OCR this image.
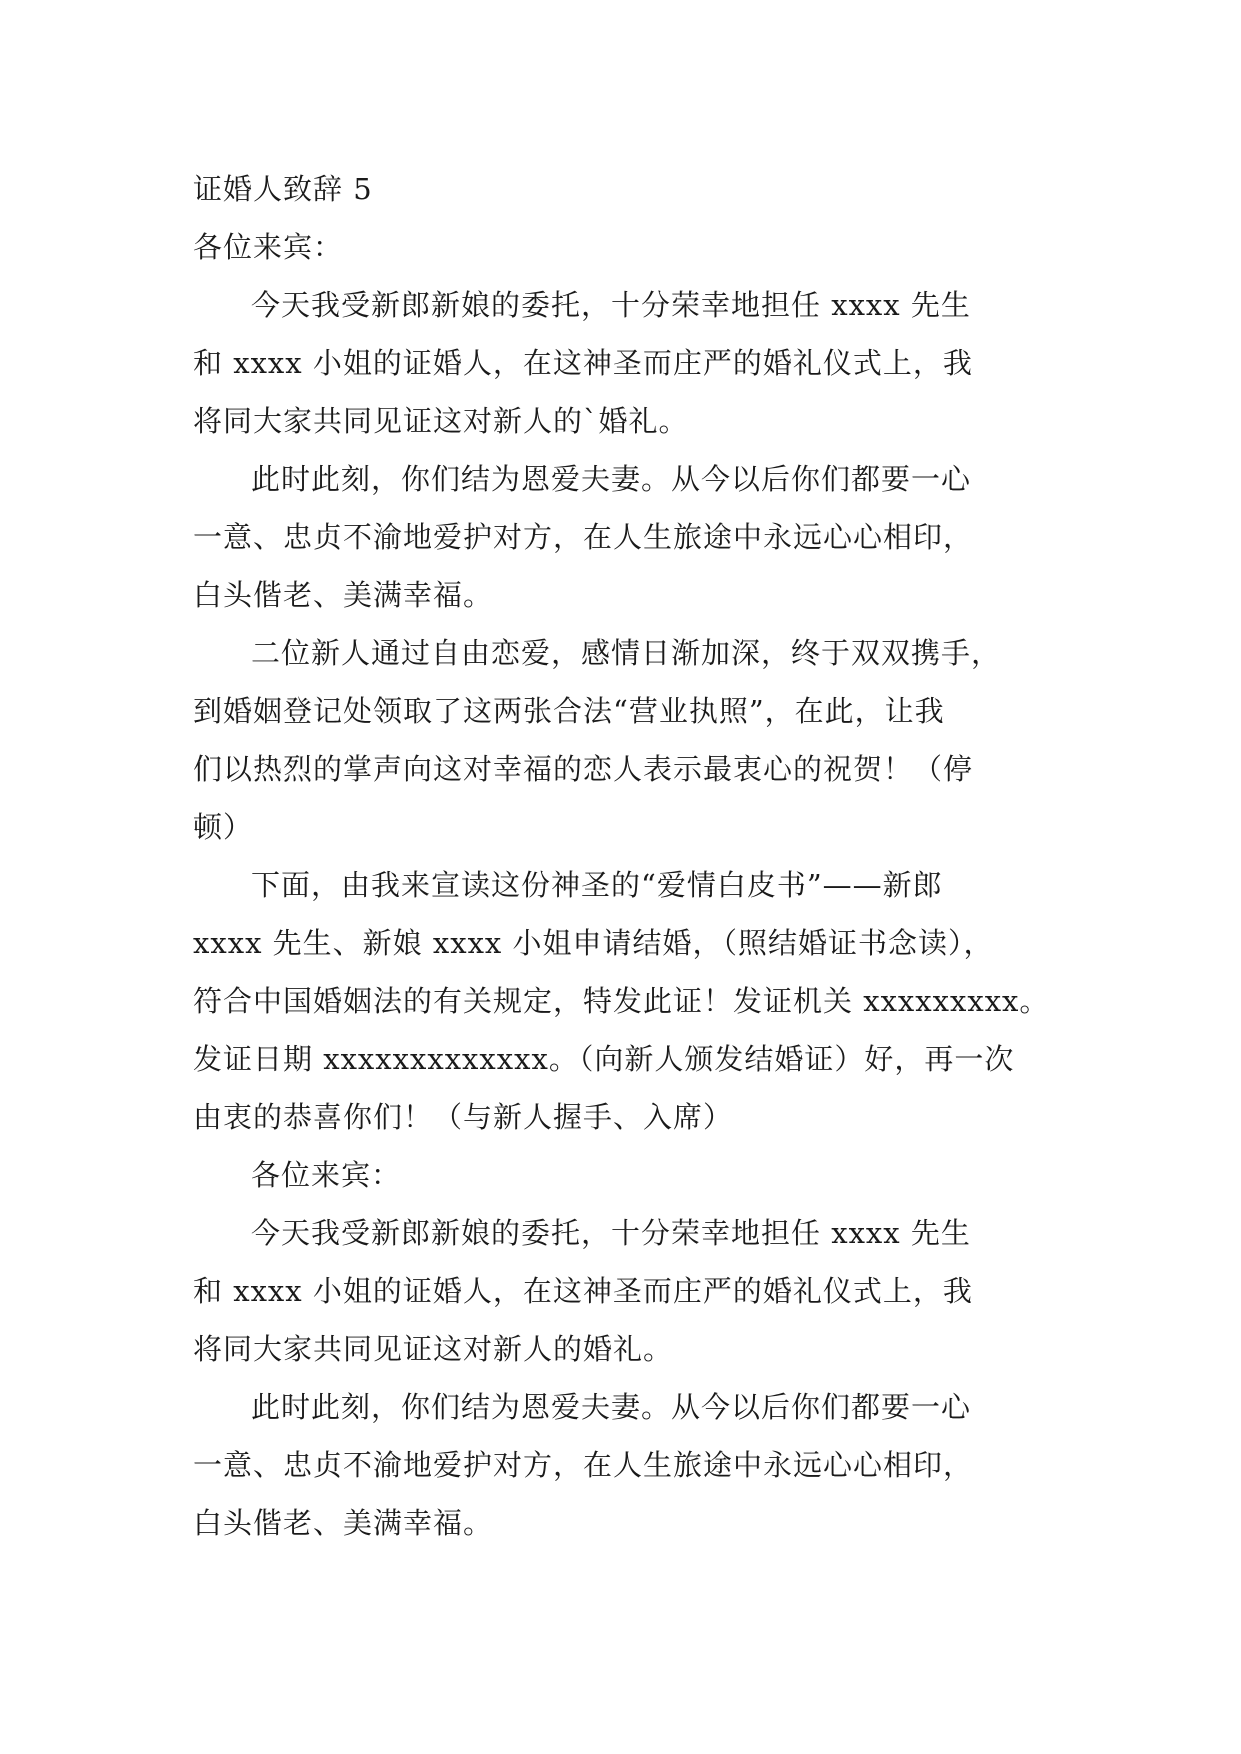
证婚人致辞 5
各位来宾：
今天我受新郎新娘的委托，十分荣幸地担任 xxxx 先生
和 xxxx 小姐的证婚人，在这神圣而庄严的婚礼仪式上，我
将同大家共同见证这对新人的`婚礼。
此时此刻，你们结为恩爱夫妻。从今以后你们都要一心
一意、忠贞不渝地爱护对方，在人生旅途中永远心心相印，
白头偕老、美满幸福。
二位新人通过自由恋爱，感情日渐加深，终于双双携手，
到婚姻登记处领取了这两张合法“营业执照”，在此，让我
们以热烈的掌声向这对幸福的恋人表示最衷心的祝贺！（停
顿）
下面，由我来宣读这份神圣的“爱情白皮书”——新郎
xxxx 先生、新娘 xxxx 小姐申请结婚，（照结婚证书念读），
符合中国婚姻法的有关规定，特发此证！发证机关 xxxxxxxxx。
发证日期 xxxxxxxxxxxxx。（向新人颁发结婚证）好，再一次
由衷的恭喜你们！（与新人握手、入席）
各位来宾：
今天我受新郎新娘的委托，十分荣幸地担任 xxxx 先生
和 xxxx 小姐的证婚人，在这神圣而庄严的婚礼仪式上，我
将同大家共同见证这对新人的婚礼。
此时此刻，你们结为恩爱夫妻。从今以后你们都要一心
一意、忠贞不渝地爱护对方，在人生旅途中永远心心相印，
白头偕老、美满幸福。
